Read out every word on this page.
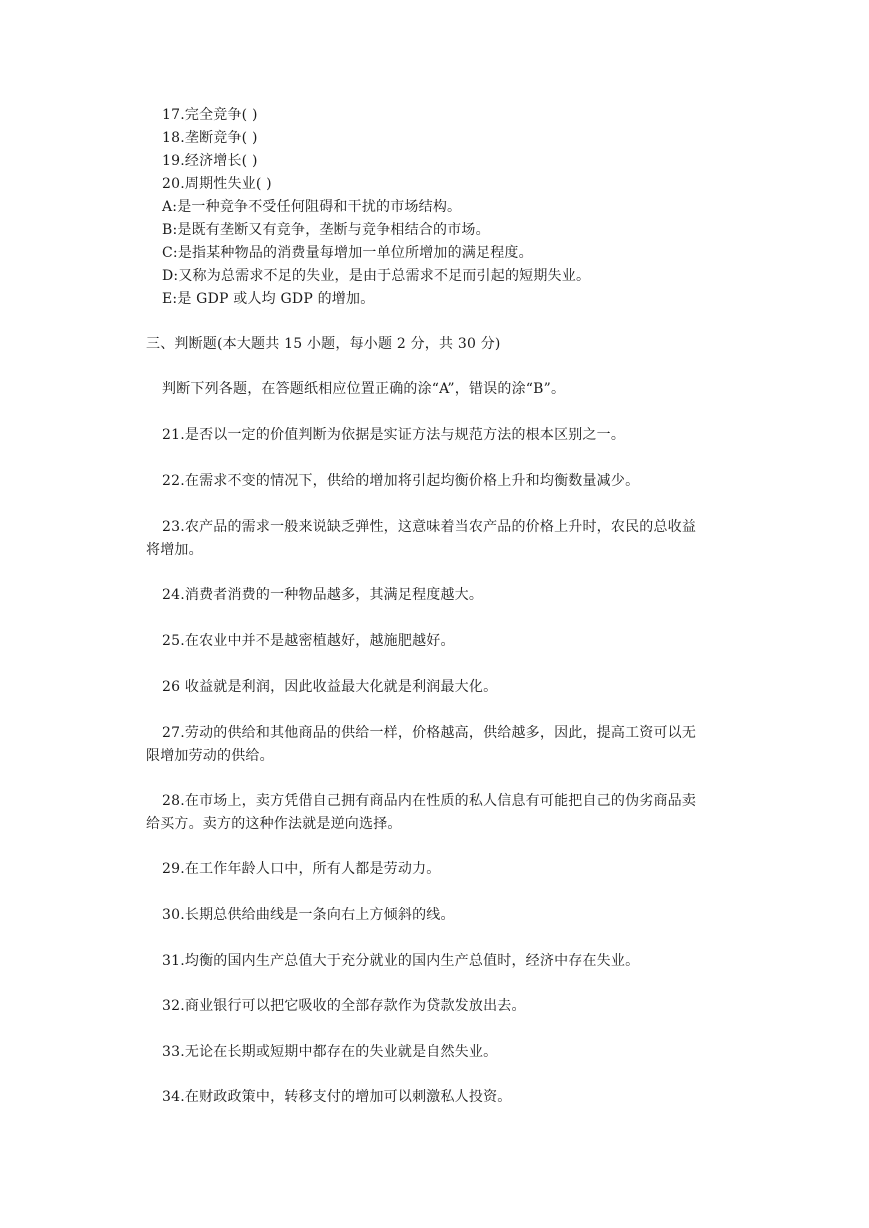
17.完全竞争( )
18.垄断竞争( )
19.经济增长( )
20.周期性失业( )
A:是一种竞争不受任何阻碍和干扰的市场结构。
B:是既有垄断又有竞争，垄断与竞争相结合的市场。
C:是指某种物品的消费量每增加一单位所增加的满足程度。
D:又称为总需求不足的失业，是由于总需求不足而引起的短期失业。
E:是 GDP 或人均 GDP 的增加。
三、判断题(本大题共 15 小题，每小题 2 分，共 30 分)
判断下列各题，在答题纸相应位置正确的涂“A”，错误的涂“B”。
21.是否以一定的价值判断为依据是实证方法与规范方法的根本区别之一。
22.在需求不变的情况下，供给的增加将引起均衡价格上升和均衡数量减少。
23.农产品的需求一般来说缺乏弹性，这意味着当农产品的价格上升时，农民的总收益
将增加。
24.消费者消费的一种物品越多，其满足程度越大。
25.在农业中并不是越密植越好，越施肥越好。
26 收益就是利润，因此收益最大化就是利润最大化。
27.劳动的供给和其他商品的供给一样，价格越高，供给越多，因此，提高工资可以无
限增加劳动的供给。
28.在市场上，卖方凭借自己拥有商品内在性质的私人信息有可能把自己的伪劣商品卖
给买方。卖方的这种作法就是逆向选择。
29.在工作年龄人口中，所有人都是劳动力。
30.长期总供给曲线是一条向右上方倾斜的线。
31.均衡的国内生产总值大于充分就业的国内生产总值时，经济中存在失业。
32.商业银行可以把它吸收的全部存款作为贷款发放出去。
33.无论在长期或短期中都存在的失业就是自然失业。
34.在财政政策中，转移支付的增加可以刺激私人投资。
